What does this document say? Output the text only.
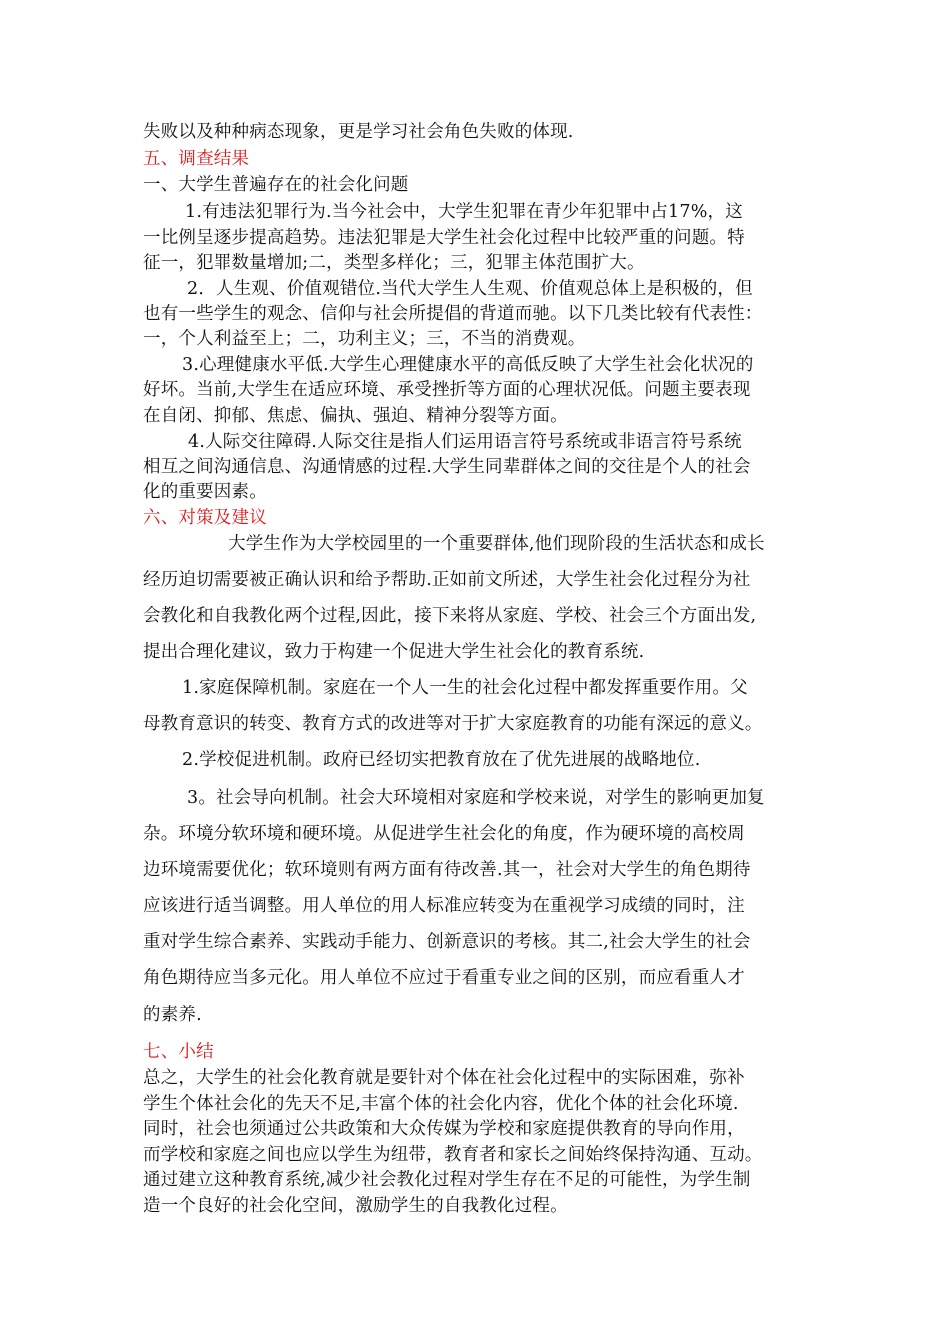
失败以及种种病态现象，更是学习社会角色失败的体现.
五、调查结果
一、大学生普遍存在的社会化问题
1.有违法犯罪行为.当今社会中，大学生犯罪在青少年犯罪中占17%，这
一比例呈逐步提高趋势。违法犯罪是大学生社会化过程中比较严重的问题。特
征一，犯罪数量增加;二，类型多样化；三，犯罪主体范围扩大。
2．人生观、价值观错位.当代大学生人生观、价值观总体上是积极的，但
也有一些学生的观念、信仰与社会所提倡的背道而驰。以下几类比较有代表性：
一，个人利益至上；二，功利主义；三，不当的消费观。
3.心理健康水平低.大学生心理健康水平的高低反映了大学生社会化状况的
好坏。当前,大学生在适应环境、承受挫折等方面的心理状况低。问题主要表现
在自闭、抑郁、焦虑、偏执、强迫、精神分裂等方面。
4.人际交往障碍.人际交往是指人们运用语言符号系统或非语言符号系统
相互之间沟通信息、沟通情感的过程.大学生同辈群体之间的交往是个人的社会
化的重要因素。
六、对策及建议
大学生作为大学校园里的一个重要群体,他们现阶段的生活状态和成长
经历迫切需要被正确认识和给予帮助.正如前文所述，大学生社会化过程分为社
会教化和自我教化两个过程,因此，接下来将从家庭、学校、社会三个方面出发,
提出合理化建议，致力于构建一个促进大学生社会化的教育系统.
1.家庭保障机制。家庭在一个人一生的社会化过程中都发挥重要作用。父
母教育意识的转变、教育方式的改进等对于扩大家庭教育的功能有深远的意义。
2.学校促进机制。政府已经切实把教育放在了优先进展的战略地位.
3。社会导向机制。社会大环境相对家庭和学校来说，对学生的影响更加复
杂。环境分软环境和硬环境。从促进学生社会化的角度，作为硬环境的高校周
边环境需要优化；软环境则有两方面有待改善.其一，社会对大学生的角色期待
应该进行适当调整。用人单位的用人标准应转变为在重视学习成绩的同时，注
重对学生综合素养、实践动手能力、创新意识的考核。其二,社会大学生的社会
角色期待应当多元化。用人单位不应过于看重专业之间的区别，而应看重人才
的素养.
七、小结
总之，大学生的社会化教育就是要针对个体在社会化过程中的实际困难，弥补
学生个体社会化的先天不足,丰富个体的社会化内容，优化个体的社会化环境.
同时，社会也须通过公共政策和大众传媒为学校和家庭提供教育的导向作用，
而学校和家庭之间也应以学生为纽带，教育者和家长之间始终保持沟通、互动。
通过建立这种教育系统,减少社会教化过程对学生存在不足的可能性，为学生制
造一个良好的社会化空间，激励学生的自我教化过程。
